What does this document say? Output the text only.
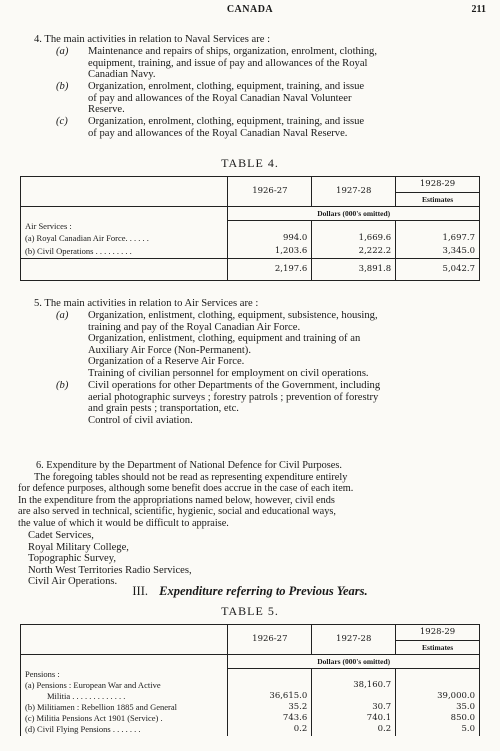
CANADA	211
4. The main activities in relation to Naval Services are :
(a) Maintenance and repairs of ships, organization, enrolment, clothing,
equipment, training, and issue of pay and allowances of the Royal
Canadian Navy.
(b) Organization, enrolment, clothing, equipment, training, and issue
of pay and allowances of the Royal Canadian Naval Volunteer
Reserve.
(c) Organization, enrolment, clothing, equipment, training, and issue
of pay and allowances of the Royal Canadian Naval Reserve.
TABLE 4.
	1926-27	1927-28	1928-29
			Estimates
	Dollars (000's omitted)		
Air Services :			
(a) Royal Canadian Air Force. . . . . .	994.0	1,669.6	1,697.7
(b) Civil Operations . . . . . . . . .	1,203.6	2,222.2	3,345.0
	2,197.6	3,891.8	5,042.7
5. The main activities in relation to Air Services are :
(a) Organization, enlistment, clothing, equipment, subsistence, housing,
training and pay of the Royal Canadian Air Force.
Organization, enlistment, clothing, equipment and training of an
Auxiliary Air Force (Non-Permanent).
Organization of a Reserve Air Force.
Training of civilian personnel for employment on civil operations.
(b) Civil operations for other Departments of the Government, including
aerial photographic surveys ; forestry patrols ; prevention of forestry
and grain pests ; transportation, etc.
Control of civil aviation.
6. Expenditure by the Department of National Defence for Civil Purposes.
The foregoing tables should not be read as representing expenditure entirely
for defence purposes, although some benefit does accrue in the case of each item.
In the expenditure from the appropriations named below, however, civil ends
are also served in technical, scientific, hygienic, social and educational ways,
the value of which it would be difficult to appraise.
Cadet Services,
Royal Military College,
Topographic Survey,
North West Territories Radio Services,
Civil Air Operations.
III. Expenditure referring to Previous Years.
TABLE 5.
	1926-27	1927-28	1928-29
			Estimates
	Dollars (000's omitted)		
Pensions :			

(a) Pensions : European War and Active
Militia . . . . . . . . . . . . .	36,615.0	38,160.7	39,000.0
(b) Militiamen : Rebellion 1885 and General	35.2	30.7	35.0
(c) Militia Pensions Act 1901 (Service) .	743.6	740.1	850.0
(d) Civil Flying Pensions . . . . . . .	0.2	0.2	5.0
